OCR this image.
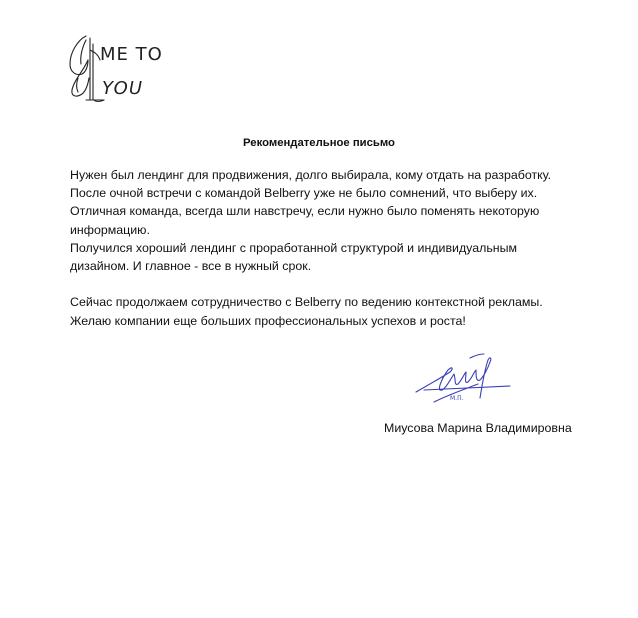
ME TO
YOU
Рекомендательное письмо

Нужен был лендинг для продвижения, долго выбирала, кому отдать на разработку.
После очной встречи с командой Belberry уже не было сомнений, что выберу их.
Отличная команда, всегда шли навстречу, если нужно было поменять некоторую
информацию.
Получился хороший лендинг с проработанной структурой и индивидуальным
дизайном. И главное - все в нужный срок.

Сейчас продолжаем сотрудничество с Belberry по ведению контекстной рекламы.
Желаю компании еще больших профессиональных успехов и роста!

М.П.
Миусова Марина Владимировна
